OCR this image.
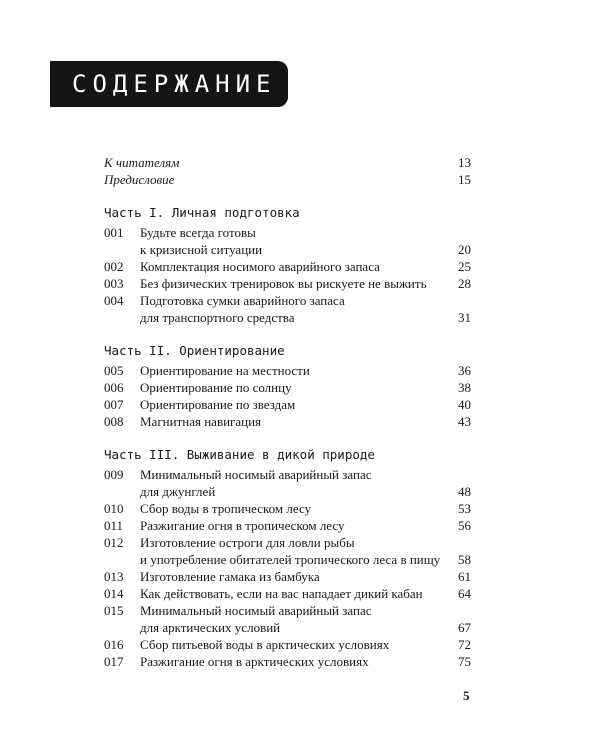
СОДЕРЖАНИЕ
К читателям	13
Предисловие	15
Часть I. Личная подготовка
001 Будьте всегда готовы
к кризисной ситуации	20
002 Комплектация носимого аварийного запаса	25
003 Без физических тренировок вы рискуете не выжить 28
004 Подготовка сумки аварийного запаса
для транспортного средства	31
Часть II. Ориентирование
005 Ориентирование на местности	36
006 Ориентирование по солнцу	38
007 Ориентирование по звездам	40
008 Магнитная навигация	43
Часть III. Выживание в дикой природе
009 Минимальный носимый аварийный запас
для джунглей	48
010 Сбор воды в тропическом лесу	53
011 Разжигание огня в тропическом лесу	56
012 Изготовление остроги для ловли рыбы
и употребление обитателей тропического леса в пищу 58
013 Изготовление гамака из бамбука	61
014 Как действовать, если на вас нападает дикий кабан	64
015 Минимальный носимый аварийный запас
для арктических условий	67
016 Сбор питьевой воды в арктических условиях	72
017 Разжигание огня в арктических условиях	75
5
